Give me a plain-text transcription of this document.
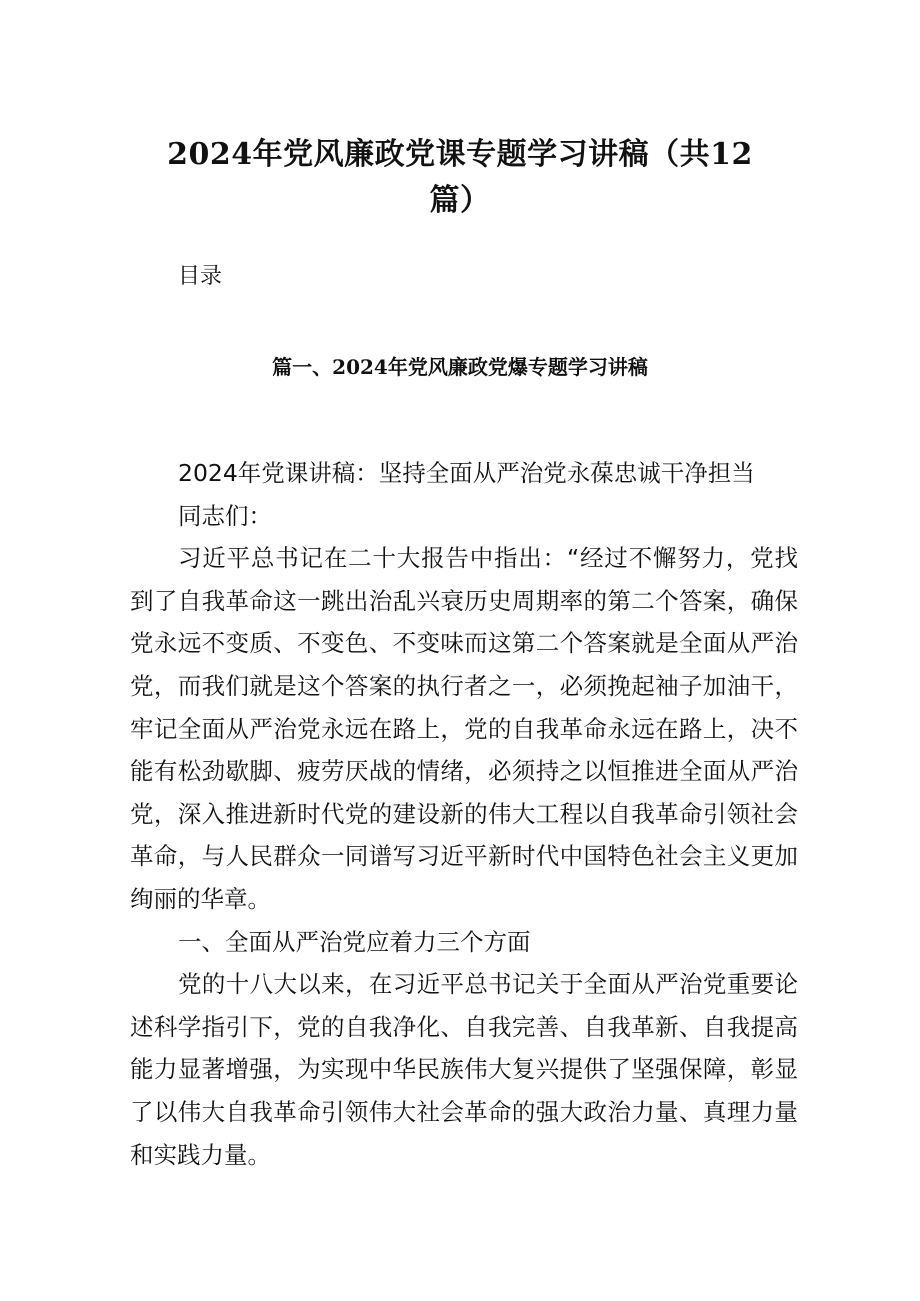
2024年党风廉政党课专题学习讲稿（共12
篇）

目录

篇一、2024年党风廉政党爆专题学习讲稿

2024年党课讲稿：坚持全面从严治党永葆忠诚干净担当

同志们：

习近平总书记在二十大报告中指出：“经过不懈努力，党找到了自我革命这一跳出治乱兴衰历史周期率的第二个答案，确保党永远不变质、不变色、不变味而这第二个答案就是全面从严治党，而我们就是这个答案的执行者之一，必须挽起袖子加油干，牢记全面从严治党永远在路上，党的自我革命永远在路上，决不能有松劲歇脚、疲劳厌战的情绪，必须持之以恒推进全面从严治党，深入推进新时代党的建设新的伟大工程以自我革命引领社会革命，与人民群众一同谱写习近平新时代中国特色社会主义更加绚丽的华章。

一、全面从严治党应着力三个方面

党的十八大以来，在习近平总书记关于全面从严治党重要论述科学指引下，党的自我净化、自我完善、自我革新、自我提高能力显著增强，为实现中华民族伟大复兴提供了坚强保障，彰显了以伟大自我革命引领伟大社会革命的强大政治力量、真理力量和实践力量。
